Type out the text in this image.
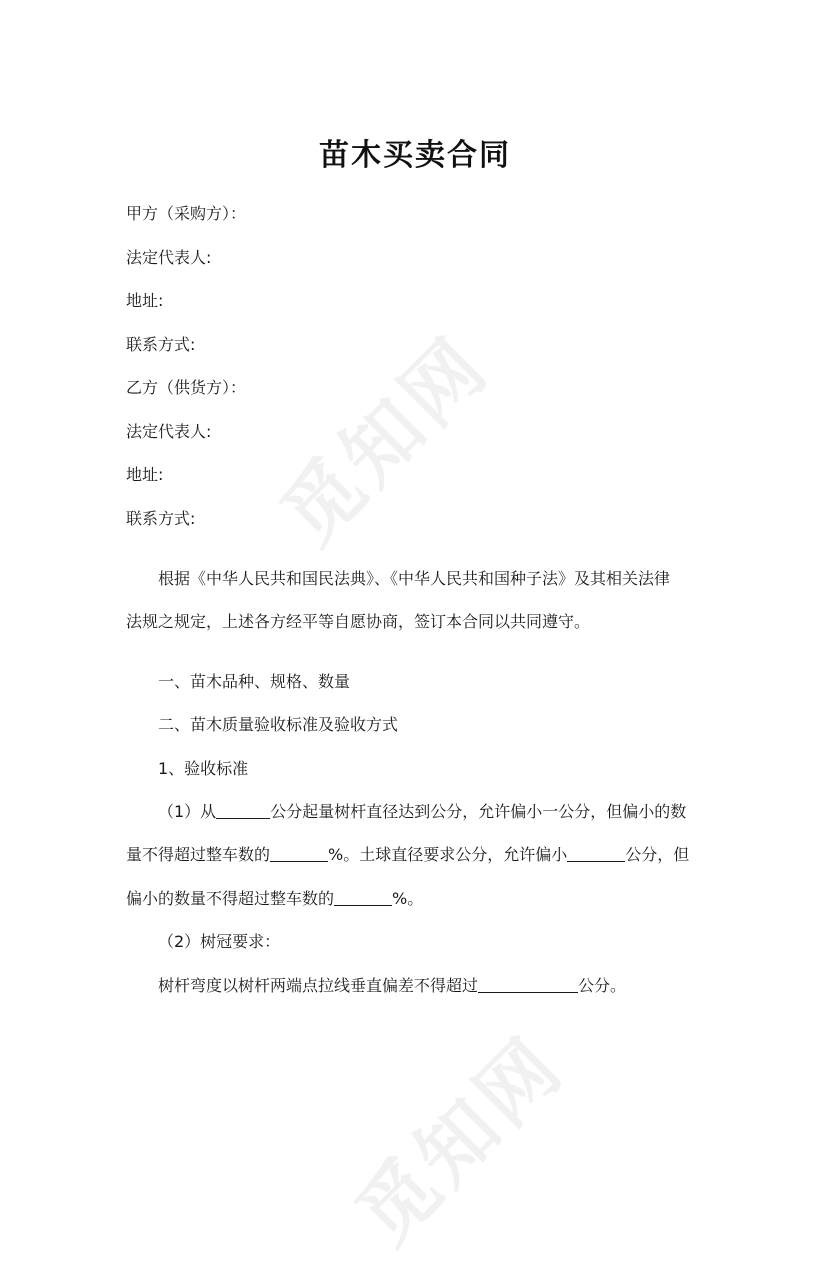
觅知网
觅知网
苗木买卖合同
甲方（采购方）：
法定代表人:
地址:
联系方式:
乙方（供货方）：
法定代表人:
地址:
联系方式:
根据《中华人民共和国民法典》、《中华人民共和国种子法》及其相关法律
法规之规定，上述各方经平等自愿协商，签订本合同以共同遵守。
一、苗木品种、规格、数量
二、苗木质量验收标准及验收方式
1、验收标准
（1）从	公分起量树杆直径达到公分，允许偏小一公分，但偏小的数
量不得超过整车数的	%。土球直径要求公分，允许偏小	公分，但
偏小的数量不得超过整车数的	%。
（2）树冠要求：
树杆弯度以树杆两端点拉线垂直偏差不得超过	公分。
